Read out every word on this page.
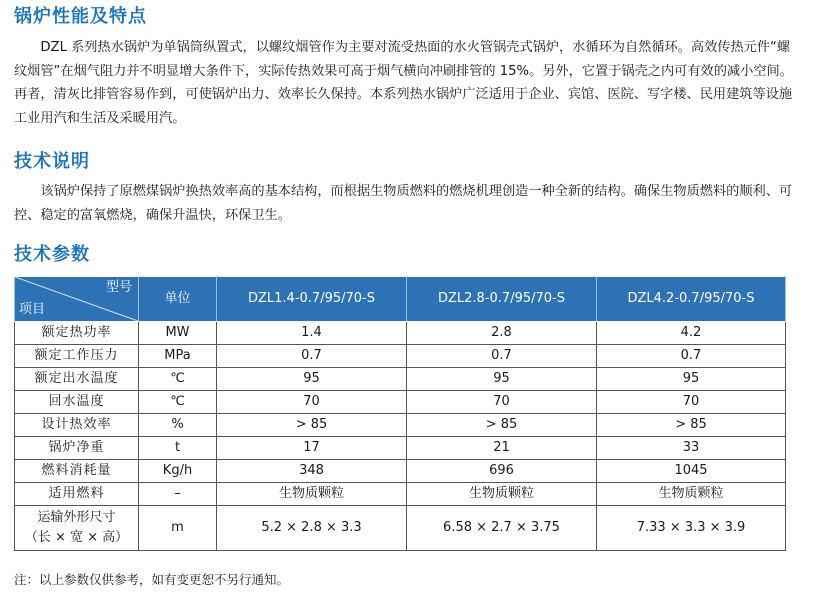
锅炉性能及特点

DZL 系列热水锅炉为单锅筒纵置式，以螺纹烟管作为主要对流受热面的水火管锅壳式锅炉，水循环为自然循环。高效传热元件“螺纹烟管”在烟气阻力并不明显增大条件下，实际传热效果可高于烟气横向冲刷排管的 15%。另外，它置于锅壳之内可有效的减小空间。再者，清灰比排管容易作到，可使锅炉出力、效率长久保持。本系列热水锅炉广泛适用于企业、宾馆、医院、写字楼、民用建筑等设施工业用汽和生活及采暖用汽。

技术说明

该锅炉保持了原燃煤锅炉换热效率高的基本结构，而根据生物质燃料的燃烧机理创造一种全新的结构。确保生物质燃料的顺利、可控、稳定的富氧燃烧，确保升温快，环保卫生。

技术参数
型号
项目	单位	DZL1.4-0.7/95/70-S	DZL2.8-0.7/95/70-S	DZL4.2-0.7/95/70-S
额定热功率	MW	1.4	2.8	4.2
额定工作压力	MPa	0.7	0.7	0.7
额定出水温度	℃	95	95	95
回水温度	℃	70	70	70
设计热效率	%	> 85	> 85	> 85
锅炉净重	t	17	21	33
燃料消耗量	Kg/h	348	696	1045
适用燃料	–	生物质颗粒	生物质颗粒	生物质颗粒

运输外形尺寸
（长 × 宽 × 高）	m	5.2 × 2.8 × 3.3	6.58 × 2.7 × 3.75	7.33 × 3.3 × 3.9

注：以上参数仅供参考，如有变更恕不另行通知。
